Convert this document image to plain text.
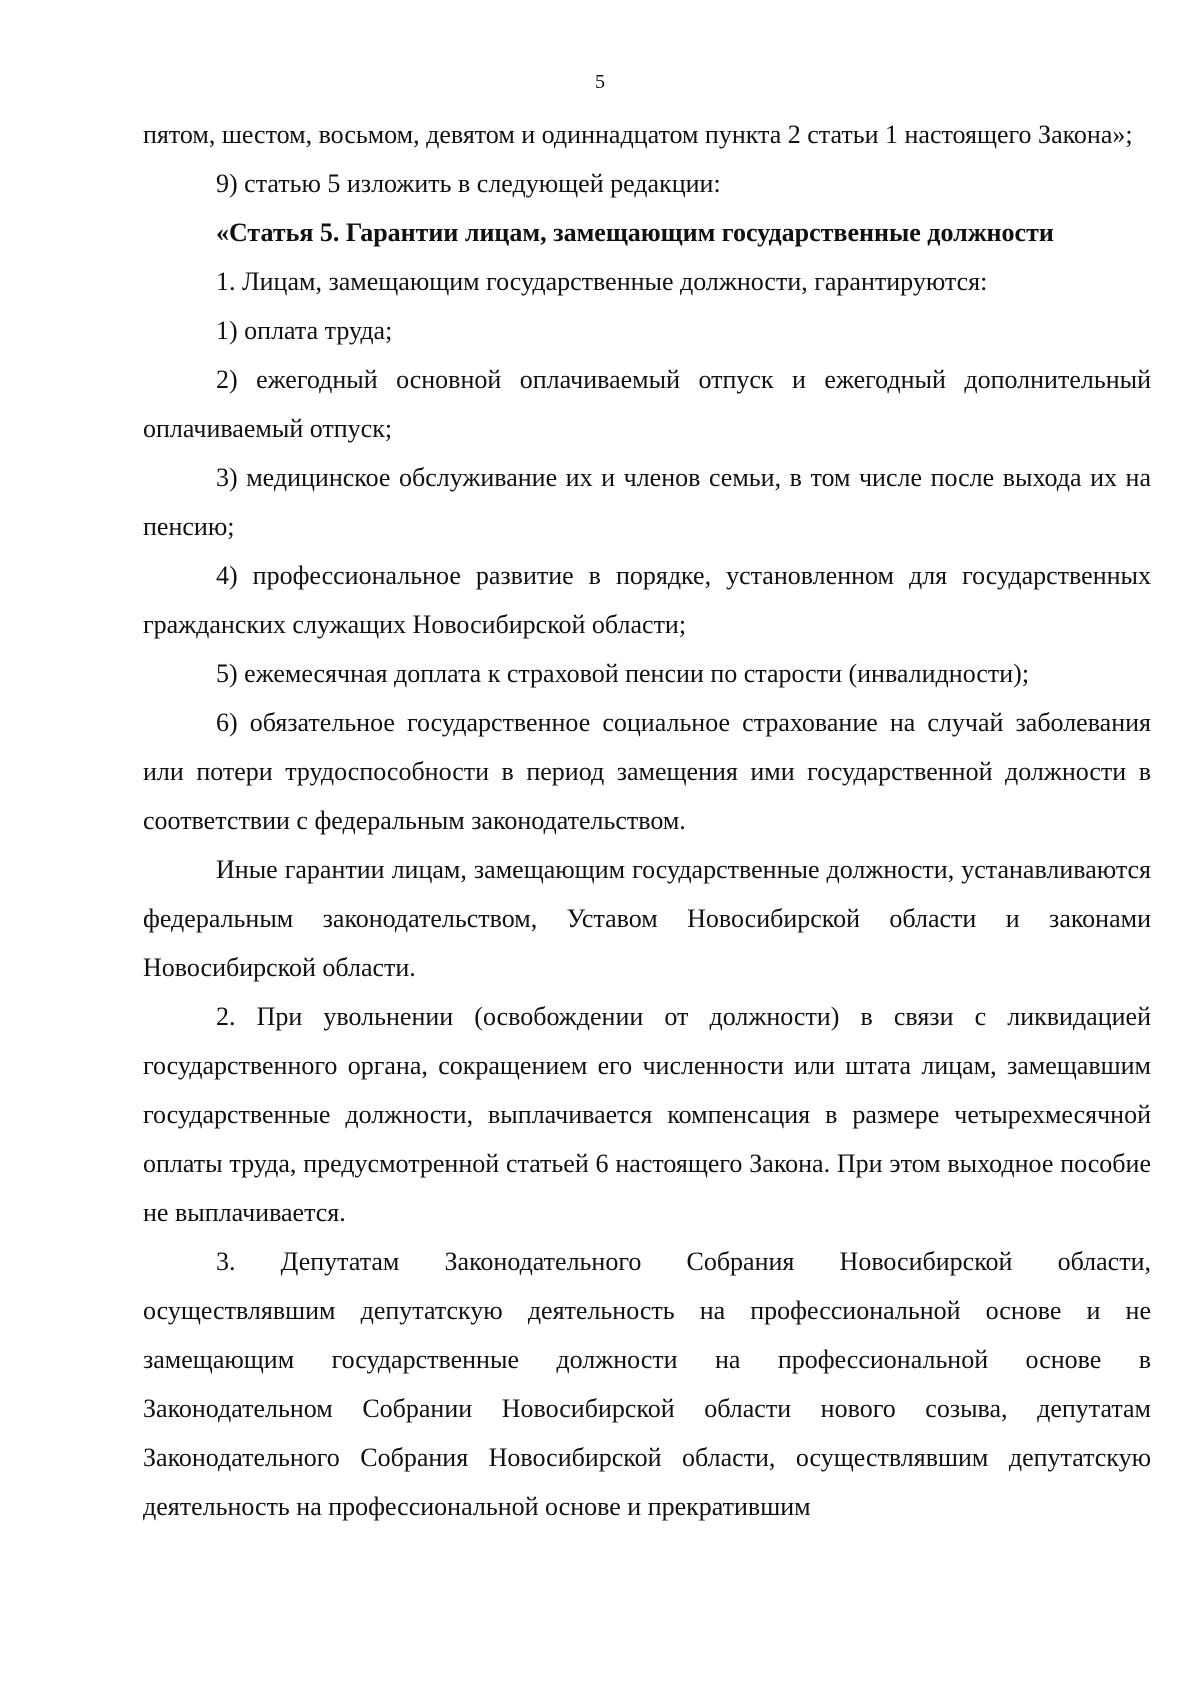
5

пятом, шестом, восьмом, девятом и одиннадцатом пункта 2 статьи 1 настоящего Закона»;

9) статью 5 изложить в следующей редакции:

«Статья 5. Гарантии лицам, замещающим государственные должности

1. Лицам, замещающим государственные должности, гарантируются:

1) оплата труда;

2) ежегодный основной оплачиваемый отпуск и ежегодный дополнительный оплачиваемый отпуск;

3) медицинское обслуживание их и членов семьи, в том числе после выхода их на пенсию;

4) профессиональное развитие в порядке, установленном для государственных гражданских служащих Новосибирской области;

5) ежемесячная доплата к страховой пенсии по старости (инвалидности);

6) обязательное государственное социальное страхование на случай заболевания или потери трудоспособности в период замещения ими государственной должности в соответствии с федеральным законодательством.

Иные гарантии лицам, замещающим государственные должности, устанавливаются федеральным законодательством, Уставом Новосибирской области и законами Новосибирской области.

2. При увольнении (освобождении от должности) в связи с ликвидацией государственного органа, сокращением его численности или штата лицам, замещавшим государственные должности, выплачивается компенсация в размере четырехмесячной оплаты труда, предусмотренной статьей 6 настоящего Закона. При этом выходное пособие не выплачивается.

3. Депутатам Законодательного Собрания Новосибирской области, осуществлявшим депутатскую деятельность на профессиональной основе и не замещающим государственные должности на профессиональной основе в Законодательном Собрании Новосибирской области нового созыва, депутатам Законодательного Собрания Новосибирской области, осуществлявшим депутатскую деятельность на профессиональной основе и прекратившим
